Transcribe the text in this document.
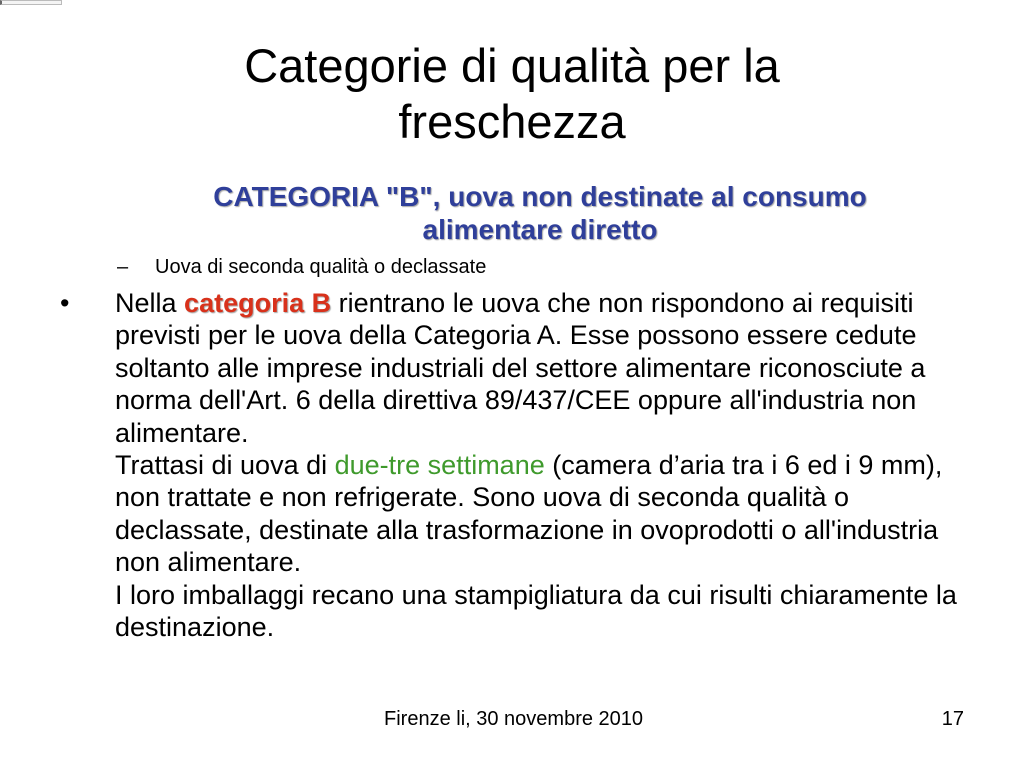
Categorie di qualità per la
freschezza
CATEGORIA "B", uova non destinate al consumo
alimentare diretto
– Uova di seconda qualità o declassate
• Nella categoria B rientrano le uova che non rispondono ai requisiti previsti per le uova della Categoria A. Esse possono essere cedute soltanto alle imprese industriali del settore alimentare riconosciute a norma dell'Art. 6 della direttiva 89/437/CEE oppure all'industria non alimentare.
Trattasi di uova di due-tre settimane (camera d’aria tra i 6 ed i 9 mm), non trattate e non refrigerate. Sono uova di seconda qualità o declassate, destinate alla trasformazione in ovoprodotti o all'industria non alimentare.
I loro imballaggi recano una stampigliatura da cui risulti chiaramente la destinazione.
Firenze li, 30 novembre 2010	17
